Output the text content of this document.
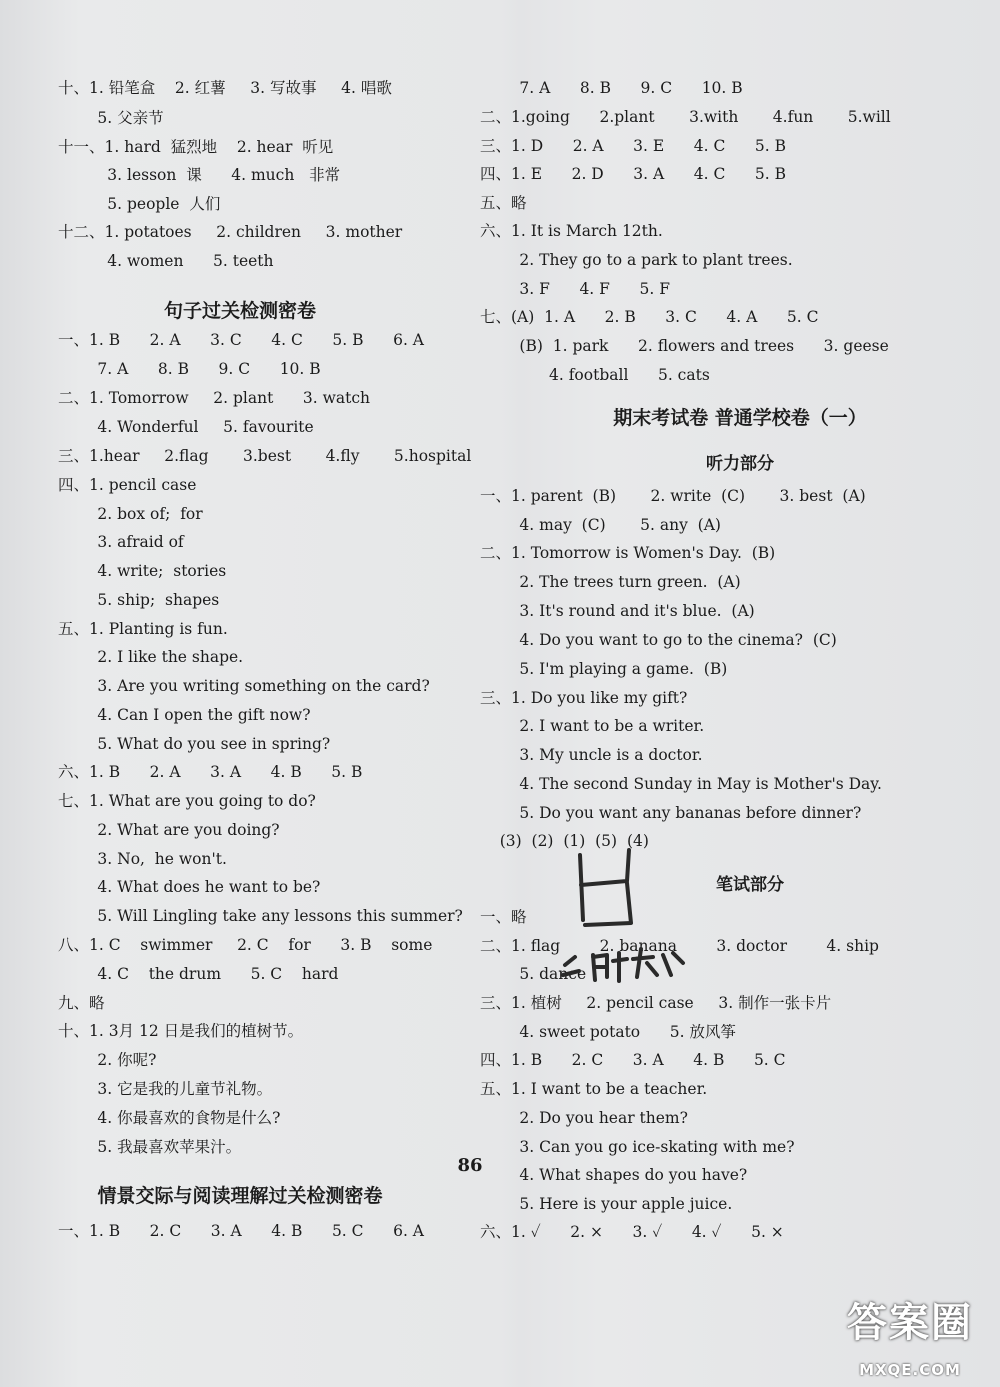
十、1. 铅笔盒    2. 红薯     3. 写故事     4. 唱歌
5. 父亲节
十一、1. hard  猛烈地    2. hear  听见
3. lesson  课      4. much   非常
5. people  人们
十二、1. potatoes     2. children     3. mother
4. women      5. teeth
句子过关检测密卷
一、1. B      2. A      3. C      4. C      5. B      6. A
7. A      8. B      9. C      10. B
二、1. Tomorrow     2. plant      3. watch
4. Wonderful     5. favourite
三、1.hear     2.flag       3.best       4.fly       5.hospital
四、1. pencil case
2. box of;  for
3. afraid of
4. write;  stories
5. ship;  shapes
五、1. Planting is fun.
2. I like the shape.
3. Are you writing something on the card?
4. Can I open the gift now?
5. What do you see in spring?
六、1. B      2. A      3. A      4. B      5. B
七、1. What are you going to do?
2. What are you doing?
3. No,  he won't.
4. What does he want to be?
5. Will Lingling take any lessons this summer?
八、1. C    swimmer     2. C    for      3. B    some
4. C    the drum      5. C    hard
九、略
十、1. 3月 12 日是我们的植树节。
2. 你呢?
3. 它是我的儿童节礼物。
4. 你最喜欢的食物是什么?
5. 我最喜欢苹果汁。
情景交际与阅读理解过关检测密卷
一、1. B      2. C      3. A      4. B      5. C      6. A
7. A      8. B      9. C      10. B
二、1.going      2.plant       3.with       4.fun       5.will
三、1. D      2. A      3. E      4. C      5. B
四、1. E      2. D      3. A      4. C      5. B
五、略
六、1. It is March 12th.
2. They go to a park to plant trees.
3. F      4. F      5. F
七、(A)  1. A      2. B      3. C      4. A      5. C
(B)  1. park      2. flowers and trees      3. geese
4. football      5. cats
期末考试卷 普通学校卷（一）
听力部分
一、1. parent  (B)       2. write  (C)       3. best  (A)
4. may  (C)       5. any  (A)
二、1. Tomorrow is Women's Day.  (B)
2. The trees turn green.  (A)
3. It's round and it's blue.  (A)
4. Do you want to go to the cinema?  (C)
5. I'm playing a game.  (B)
三、1. Do you like my gift?
2. I want to be a writer.
3. My uncle is a doctor.
4. The second Sunday in May is Mother's Day.
5. Do you want any bananas before dinner?
(3)  (2)  (1)  (5)  (4)
笔试部分
一、略
二、1. flag        2. banana        3. doctor        4. ship
5. dance
三、1. 植树     2. pencil case     3. 制作一张卡片
4. sweet potato      5. 放风筝
四、1. B      2. C      3. A      4. B      5. C
五、1. I want to be a teacher.
2. Do you hear them?
3. Can you go ice-skating with me?
4. What shapes do you have?
5. Here is your apple juice.
六、1. ✓      2. ×      3. ✓      4. ✓      5. ×
86
答案圈
MXQE.COM
